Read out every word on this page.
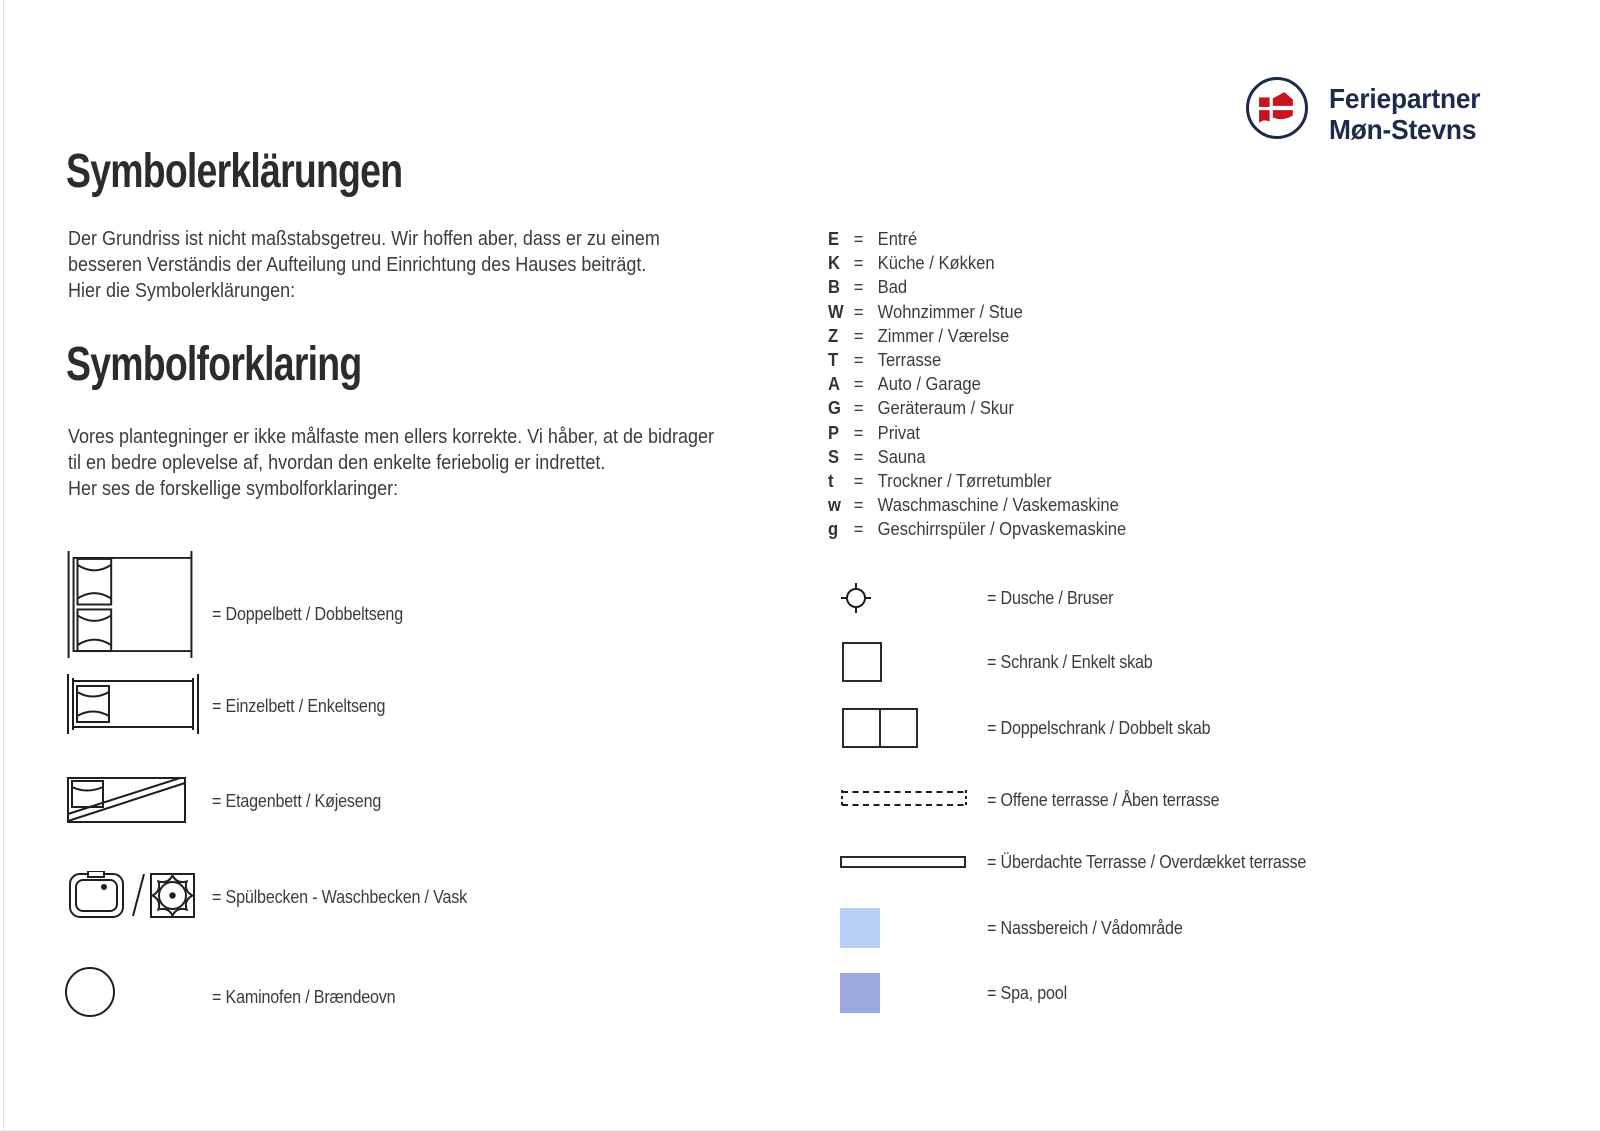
Feriepartner
Møn-Stevns
Symbolerklärungen
Der Grundriss ist nicht maßstabsgetreu. Wir hoffen aber, dass er zu einem
besseren Verständis der Aufteilung und Einrichtung des Hauses beiträgt.
Hier die Symbolerklärungen:
Symbolforklaring
Vores plantegninger er ikke målfaste men ellers korrekte. Vi håber, at de bidrager
til en bedre oplevelse af, hvordan den enkelte feriebolig er indrettet.
Her ses de forskellige symbolforklaringer:
E = Entré
K = Küche / Køkken
B = Bad
W = Wohnzimmer / Stue
Z = Zimmer / Værelse
T = Terrasse
A = Auto / Garage
G = Geräteraum / Skur
P = Privat
S = Sauna
t	= Trockner / Tørretumbler
w = Waschmaschine / Vaskemaskine
g = Geschirrspüler / Opvaskemaskine
= Doppelbett / Dobbeltseng
= Einzelbett / Enkeltseng
= Etagenbett / Køjeseng
= Spülbecken - Waschbecken / Vask
= Kaminofen / Brændeovn
= Dusche / Bruser
= Schrank / Enkelt skab
= Doppelschrank / Dobbelt skab
= Offene terrasse / Åben terrasse
= Überdachte Terrasse / Overdækket terrasse
= Nassbereich / Vådområde
= Spa, pool
